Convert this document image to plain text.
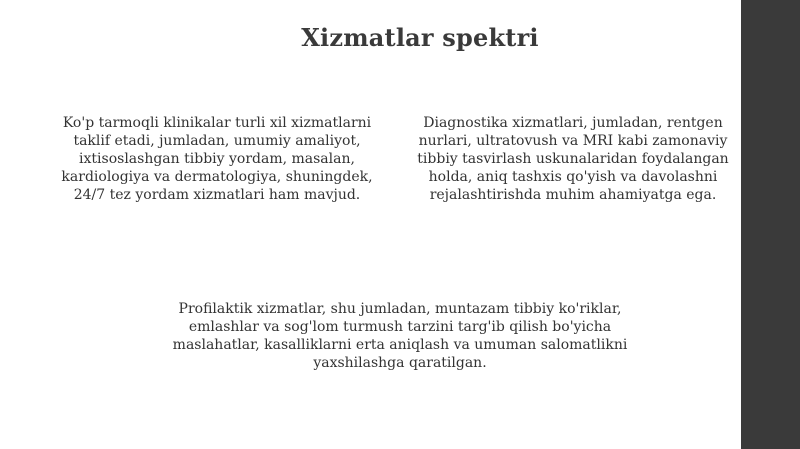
Xizmatlar spektri
Ko'p tarmoqli klinikalar turli xil xizmatlarni taklif etadi, jumladan, umumiy amaliyot, ixtisoslashgan tibbiy yordam, masalan, kardiologiya va dermatologiya, shuningdek, 24/7 tez yordam xizmatlari ham mavjud.
Diagnostika xizmatlari, jumladan, rentgen nurlari, ultratovush va MRI kabi zamonaviy tibbiy tasvirlash uskunalaridan foydalangan holda, aniq tashxis qo'yish va davolashni rejalashtirishda muhim ahamiyatga ega.
Profilaktik xizmatlar, shu jumladan, muntazam tibbiy ko'riklar, emlashlar va sog'lom turmush tarzini targ'ib qilish bo'yicha maslahatlar, kasalliklarni erta aniqlash va umuman salomatlikni yaxshilashga qaratilgan.
